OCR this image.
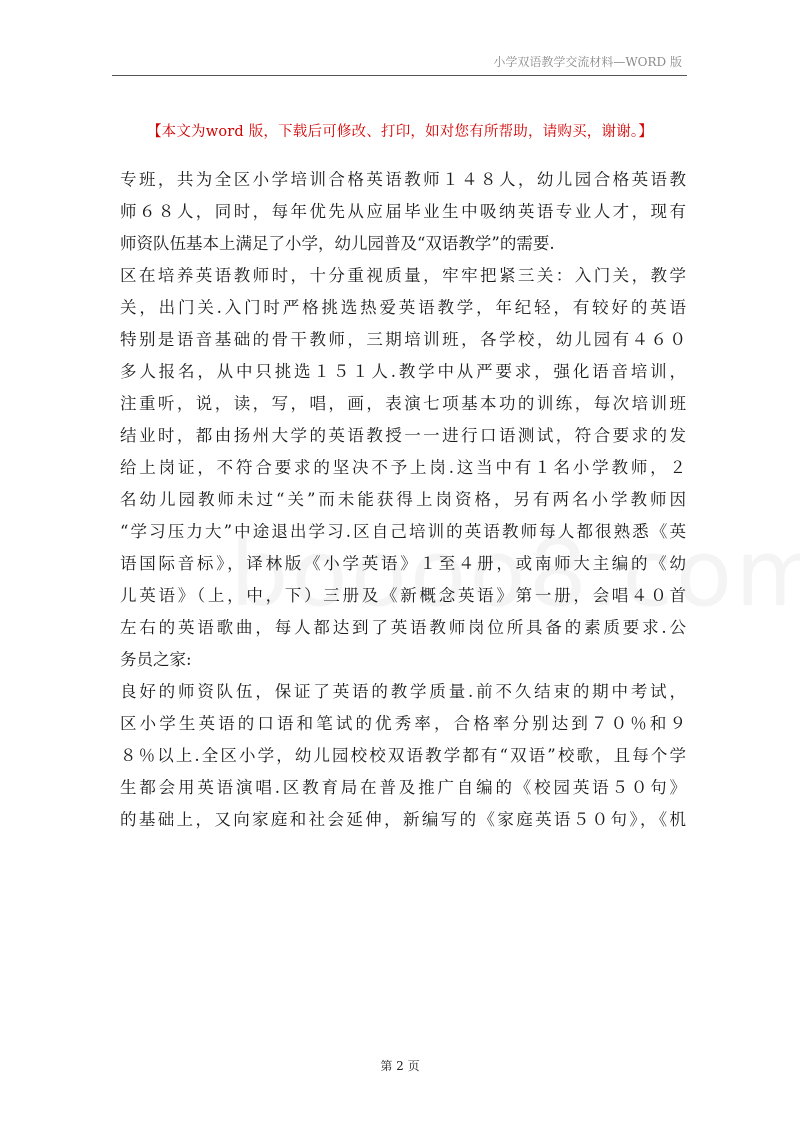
小学双语教学交流材料—WORD 版
【本文为word 版，下载后可修改、打印，如对您有所帮助，请购买，谢谢。】
专班，共为全区小学培训合格英语教师１４８人，幼儿园合格英语教
师６８人，同时，每年优先从应届毕业生中吸纳英语专业人才，现有
师资队伍基本上满足了小学，幼儿园普及“双语教学”的需要.
区在培养英语教师时，十分重视质量，牢牢把紧三关：入门关，教学
关，出门关.入门时严格挑选热爱英语教学，年纪轻，有较好的英语
特别是语音基础的骨干教师，三期培训班，各学校，幼儿园有４６０
多人报名，从中只挑选１５１人.教学中从严要求，强化语音培训，
注重听，说，读，写，唱，画，表演七项基本功的训练，每次培训班
结业时，都由扬州大学的英语教授一一进行口语测试，符合要求的发
给上岗证，不符合要求的坚决不予上岗.这当中有１名小学教师，２
名幼儿园教师未过“关”而未能获得上岗资格，另有两名小学教师因
“学习压力大”中途退出学习.区自己培训的英语教师每人都很熟悉《英
语国际音标》，译林版《小学英语》１至４册，或南师大主编的《幼
儿英语》（上，中，下）三册及《新概念英语》第一册，会唱４０首
左右的英语歌曲，每人都达到了英语教师岗位所具备的素质要求.公
务员之家:
良好的师资队伍，保证了英语的教学质量.前不久结束的期中考试，
区小学生英语的口语和笔试的优秀率，合格率分别达到７０％和９
８％以上.全区小学，幼儿园校校双语教学都有“双语”校歌，且每个学
生都会用英语演唱.区教育局在普及推广自编的《校园英语５０句》
的基础上，又向家庭和社会延伸，新编写的《家庭英语５０句》，《机
第 2 页
